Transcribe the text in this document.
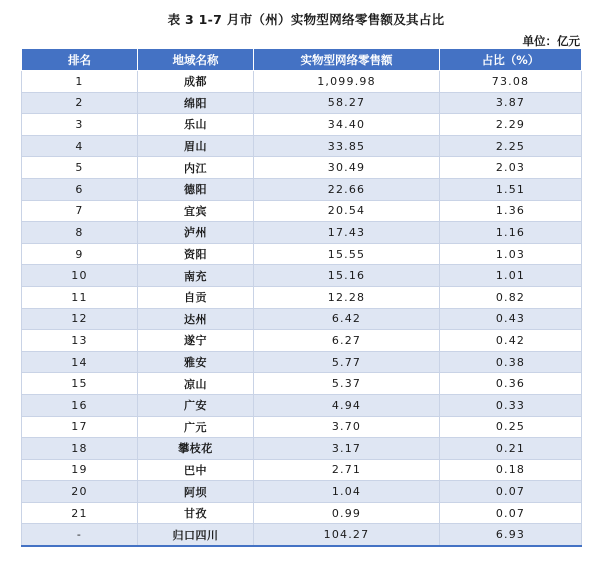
表 3 1-7 月市（州）实物型网络零售额及其占比
单位：亿元
排名	地域名称	实物型网络零售额	占比（%）
1	成都	1,099.98	73.08
2	绵阳	58.27	3.87
3	乐山	34.40	2.29
4	眉山	33.85	2.25
5	内江	30.49	2.03
6	德阳	22.66	1.51
7	宜宾	20.54	1.36
8	泸州	17.43	1.16
9	资阳	15.55	1.03
10	南充	15.16	1.01
11	自贡	12.28	0.82
12	达州	6.42	0.43
13	遂宁	6.27	0.42
14	雅安	5.77	0.38
15	凉山	5.37	0.36
16	广安	4.94	0.33
17	广元	3.70	0.25
18	攀枝花	3.17	0.21
19	巴中	2.71	0.18
20	阿坝	1.04	0.07
21	甘孜	0.99	0.07
-	归口四川	104.27	6.93
